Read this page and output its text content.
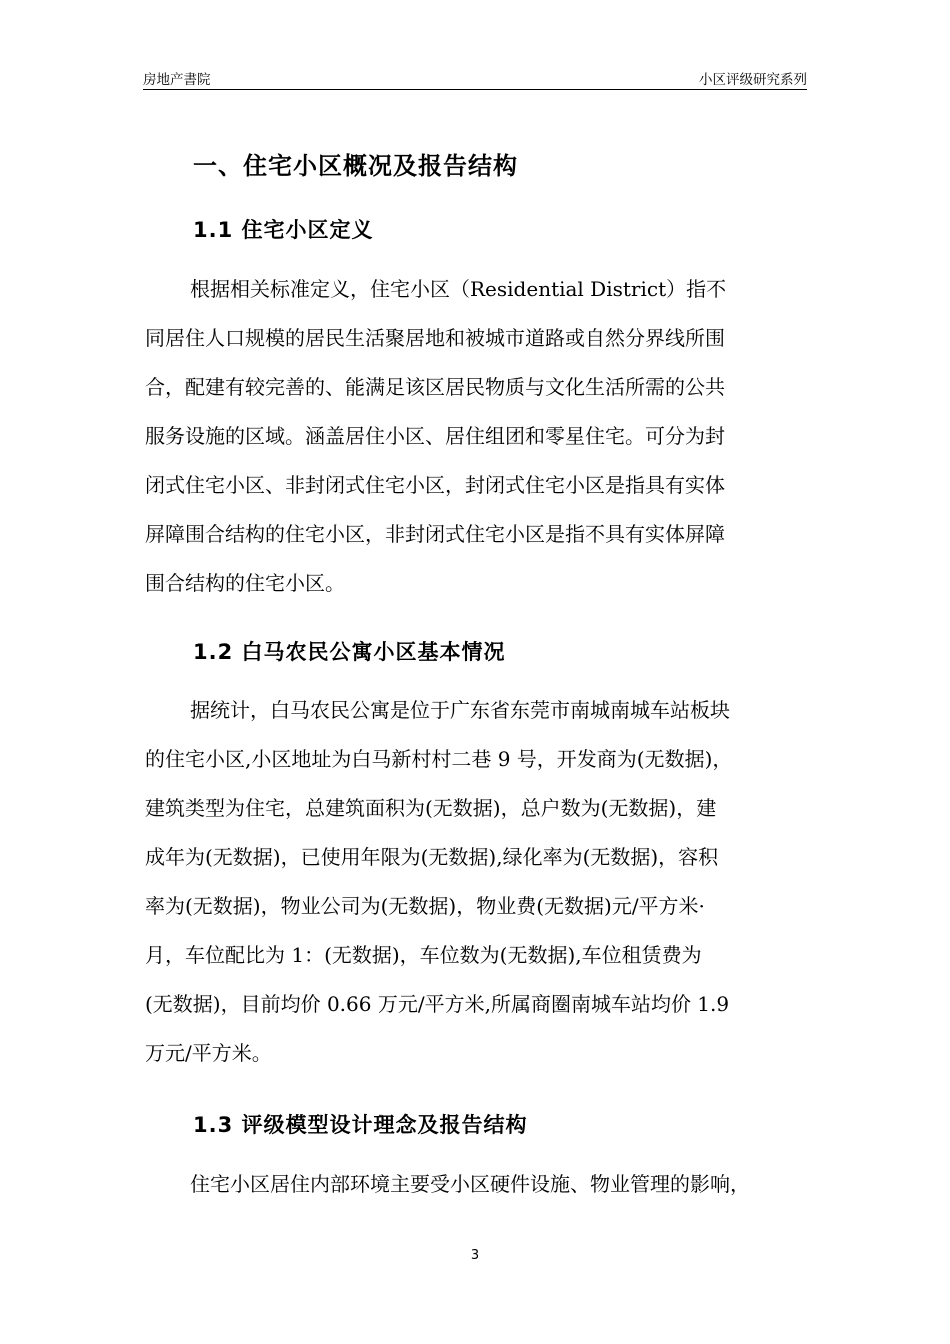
房地产書院	小区评级研究系列
一、住宅小区概况及报告结构
1.1 住宅小区定义
根据相关标准定义，住宅小区（Residential District）指不
同居住人口规模的居民生活聚居地和被城市道路或自然分界线所围
合，配建有较完善的、能满足该区居民物质与文化生活所需的公共
服务设施的区域。涵盖居住小区、居住组团和零星住宅。可分为封
闭式住宅小区、非封闭式住宅小区，封闭式住宅小区是指具有实体
屏障围合结构的住宅小区，非封闭式住宅小区是指不具有实体屏障
围合结构的住宅小区。
1.2 白马农民公寓小区基本情况
据统计，白马农民公寓是位于广东省东莞市南城南城车站板块
的住宅小区,小区地址为白马新村村二巷 9 号，开发商为(无数据)，
建筑类型为住宅，总建筑面积为(无数据)，总户数为(无数据)，建
成年为(无数据)，已使用年限为(无数据),绿化率为(无数据)，容积
率为(无数据)，物业公司为(无数据)，物业费(无数据)元/平方米·
月，车位配比为 1：(无数据)，车位数为(无数据),车位租赁费为
(无数据)，目前均价 0.66 万元/平方米,所属商圈南城车站均价 1.9
万元/平方米。
1.3 评级模型设计理念及报告结构
住宅小区居住内部环境主要受小区硬件设施、物业管理的影响，
3
